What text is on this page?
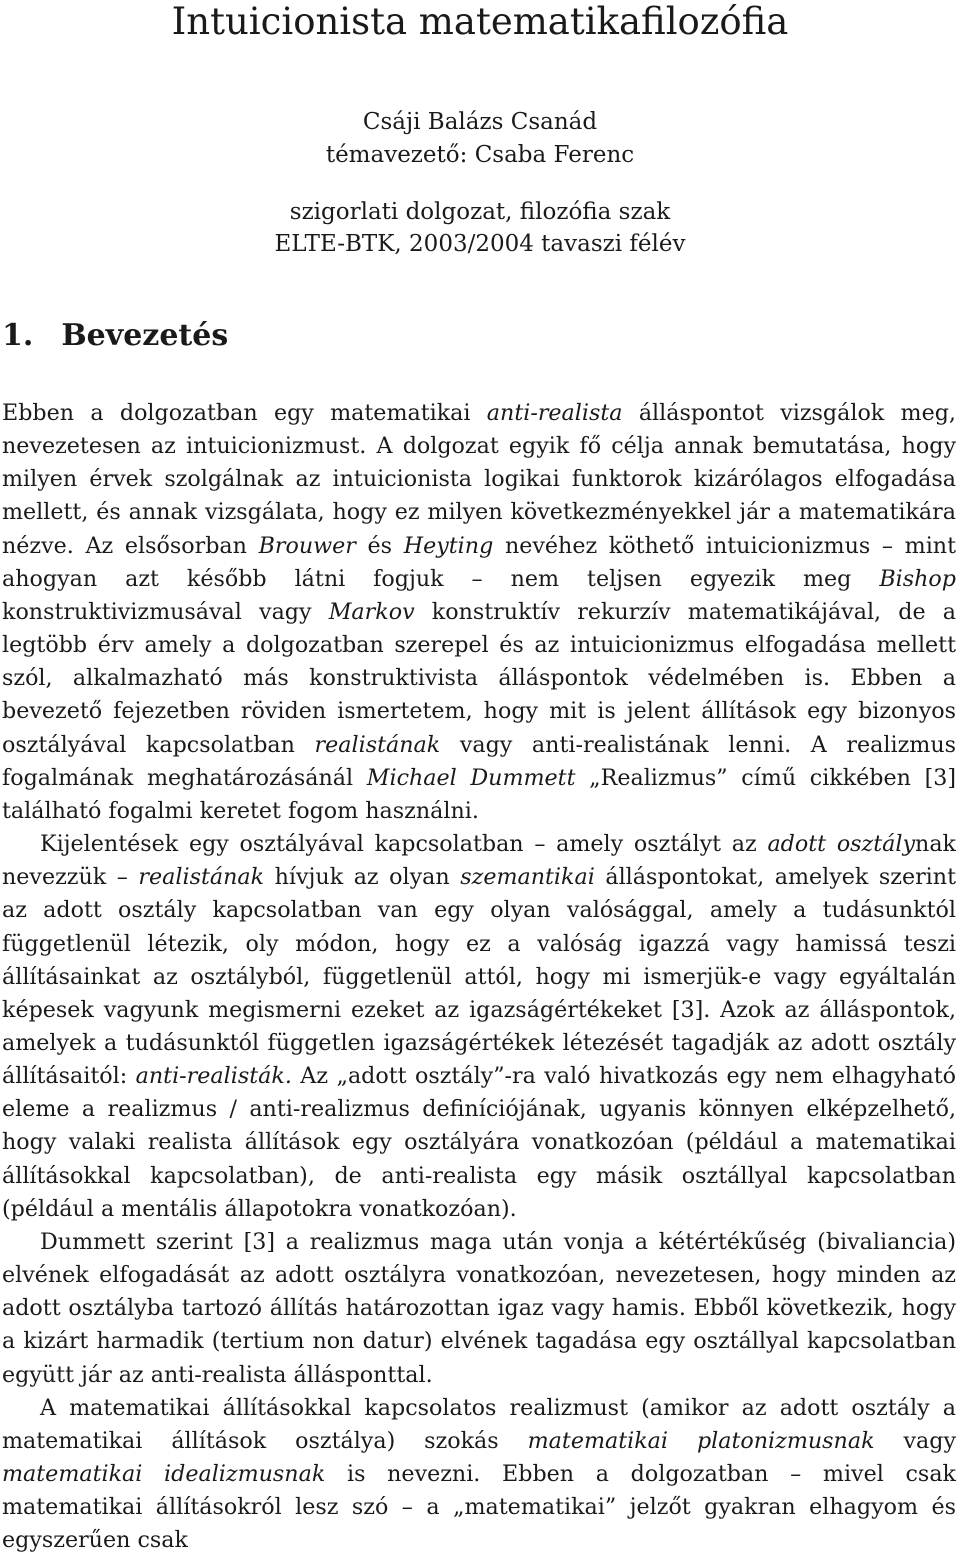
Intuicionista matematikafilozófia
Csáji Balázs Csanád
témavezető: Csaba Ferenc
szigorlati dolgozat, filozófia szak
ELTE-BTK, 2003/2004 tavaszi félév
1. Bevezetés

Ebben a dolgozatban egy matematikai anti-realista álláspontot vizsgálok meg, nevezetesen az intuicionizmust. A dolgozat egyik fő célja annak bemutatása, hogy milyen érvek szolgálnak az intuicionista logikai funktorok kizárólagos elfogadása mellett, és annak vizsgálata, hogy ez milyen következményekkel jár a matematikára nézve. Az elsősorban Brouwer és Heyting nevéhez köthető intuicionizmus – mint ahogyan azt később látni fogjuk – nem teljsen egyezik meg Bishop konstruktivizmusával vagy Markov konstruktív rekurzív matematikájával, de a legtöbb érv amely a dolgozatban szerepel és az intuicionizmus elfogadása mellett szól, alkalmazható más konstruktivista álláspontok védelmében is. Ebben a bevezető fejezetben röviden ismertetem, hogy mit is jelent állítások egy bizonyos osztályával kapcsolatban realistának vagy anti-realistának lenni. A realizmus fogalmának meghatározásánál Michael Dummett „Realizmus” című cikkében [3] található fogalmi keretet fogom használni.

Kijelentések egy osztályával kapcsolatban – amely osztályt az adott osztálynak nevezzük – realistának hívjuk az olyan szemantikai álláspontokat, amelyek szerint az adott osztály kapcsolatban van egy olyan valósággal, amely a tudásunktól függetlenül létezik, oly módon, hogy ez a valóság igazzá vagy hamissá teszi állításainkat az osztályból, függetlenül attól, hogy mi ismerjük-e vagy egyáltalán képesek vagyunk megismerni ezeket az igazságértékeket [3]. Azok az álláspontok, amelyek a tudásunktól független igazságértékek létezését tagadják az adott osztály állításaitól: anti-realisták. Az „adott osztály”-ra való hivatkozás egy nem elhagyható eleme a realizmus / anti-realizmus definíciójának, ugyanis könnyen elképzelhető, hogy valaki realista állítások egy osztályára vonatkozóan (például a matematikai állításokkal kapcsolatban), de anti-realista egy másik osztállyal kapcsolatban (például a mentális állapotokra vonatkozóan).

Dummett szerint [3] a realizmus maga után vonja a kétértékűség (bivaliancia) elvének elfogadását az adott osztályra vonatkozóan, nevezetesen, hogy minden az adott osztályba tartozó állítás határozottan igaz vagy hamis. Ebből következik, hogy a kizárt harmadik (tertium non datur) elvének tagadása egy osztállyal kapcsolatban együtt jár az anti-realista állásponttal.

A matematikai állításokkal kapcsolatos realizmust (amikor az adott osztály a matematikai állítások osztálya) szokás matematikai platonizmusnak vagy matematikai idealizmusnak is nevezni. Ebben a dolgozatban – mivel csak matematikai állításokról lesz szó – a „matematikai” jelzőt gyakran elhagyom és egyszerűen csak
